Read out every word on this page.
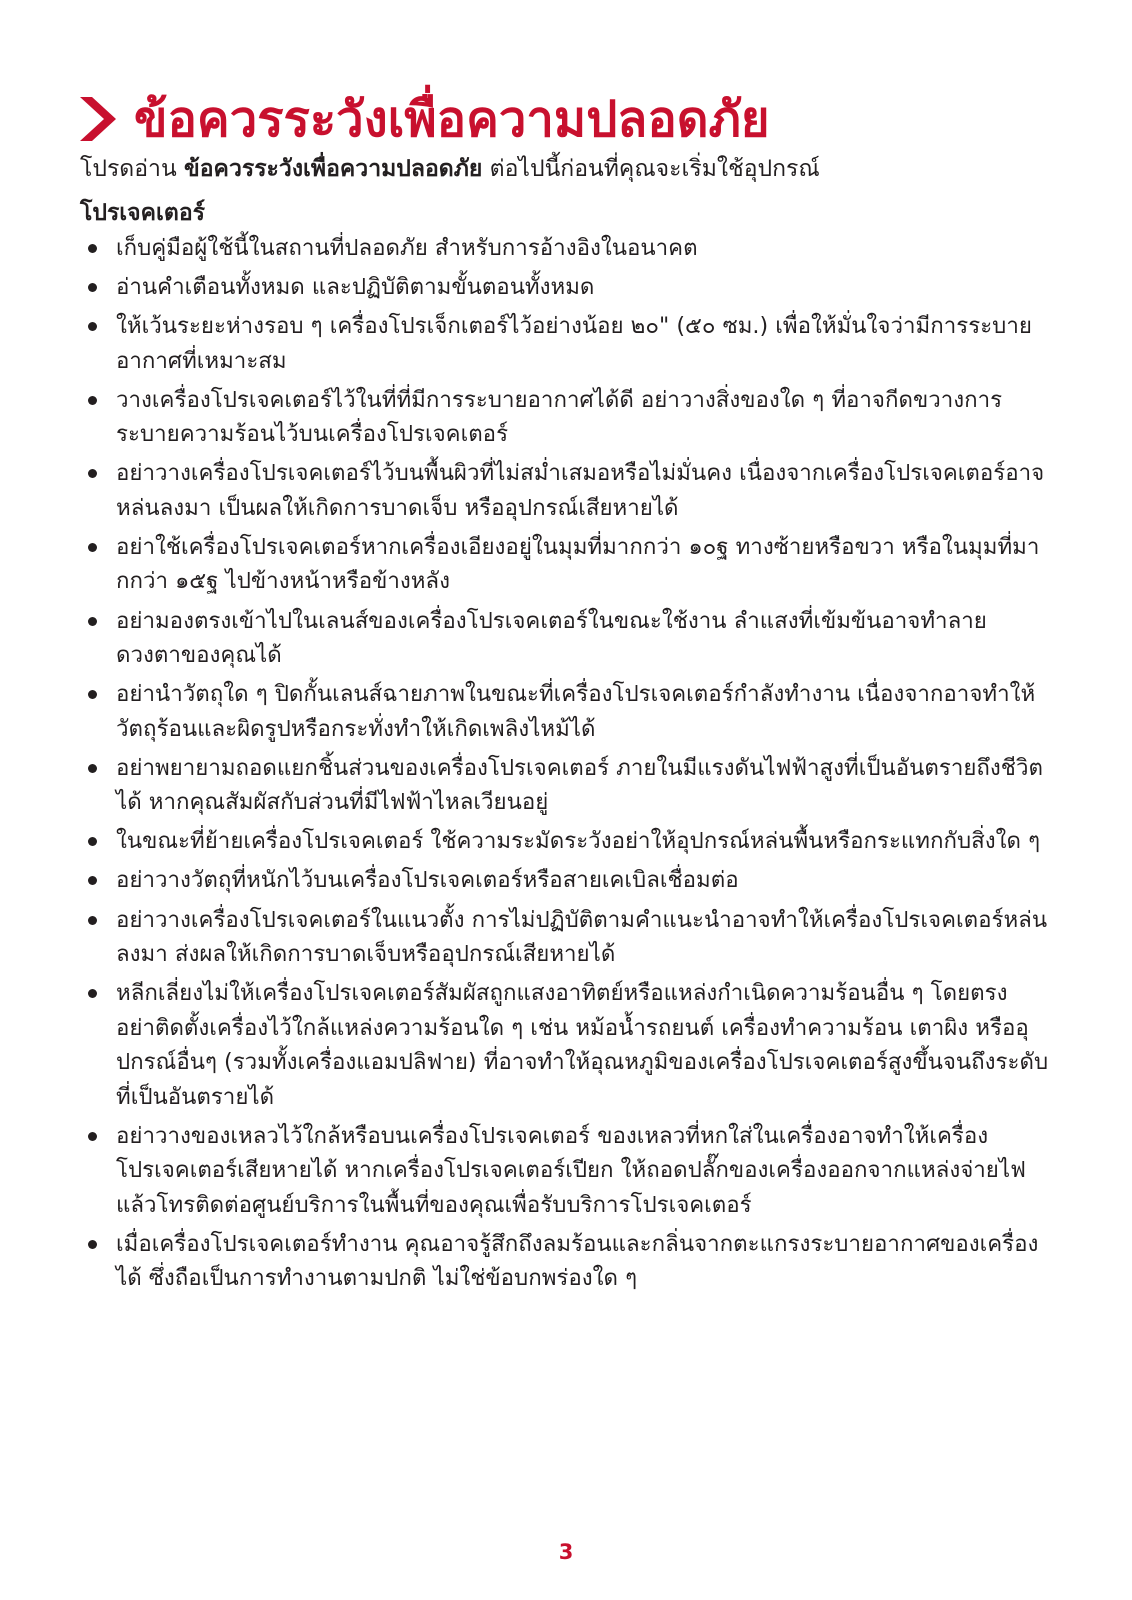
ข้อควรระวังเพื่อความปลอดภัย

โปรดอ่าน ข้อควรระวังเพื่อความปลอดภัย ต่อไปนี้ก่อนที่คุณจะเริ่มใช้อุปกรณ์

โปรเจคเตอร์
เก็บคู่มือผู้ใช้นี้ในสถานที่ปลอดภัย สำหรับการอ้างอิงในอนาคต
อ่านคำเตือนทั้งหมด และปฏิบัติตามขั้นตอนทั้งหมด
ให้เว้นระยะห่างรอบ ๆ เครื่องโปรเจ็กเตอร์ไว้อย่างน้อย ๒๐" (๕๐ ซม.) เพื่อให้มั่นใจว่ามีการระบายอากาศที่เหมาะสม
วางเครื่องโปรเจคเตอร์ไว้ในที่ที่มีการระบายอากาศได้ดี อย่าวางสิ่งของใด ๆ ที่อาจกีดขวางการระบายความร้อนไว้บนเครื่องโปรเจคเตอร์
อย่าวางเครื่องโปรเจคเตอร์ไว้บนพื้นผิวที่ไม่สม่ำเสมอหรือไม่มั่นคง เนื่องจากเครื่องโปรเจคเตอร์อาจหล่นลงมา เป็นผลให้เกิดการบาดเจ็บ หรืออุปกรณ์เสียหายได้
อย่าใช้เครื่องโปรเจคเตอร์หากเครื่องเอียงอยู่ในมุมที่มากกว่า ๑๐ฐ ทางซ้ายหรือขวา หรือในมุมที่มากกว่า ๑๕ฐ ไปข้างหน้าหรือข้างหลัง
อย่ามองตรงเข้าไปในเลนส์ของเครื่องโปรเจคเตอร์ในขณะใช้งาน ลำแสงที่เข้มข้นอาจทำลายดวงตาของคุณได้
อย่านำวัตถุใด ๆ ปิดกั้นเลนส์ฉายภาพในขณะที่เครื่องโปรเจคเตอร์กำลังทำงาน เนื่องจากอาจทำให้วัตถุร้อนและผิดรูปหรือกระทั่งทำให้เกิดเพลิงไหม้ได้
อย่าพยายามถอดแยกชิ้นส่วนของเครื่องโปรเจคเตอร์ ภายในมีแรงดันไฟฟ้าสูงที่เป็นอันตรายถึงชีวิตได้ หากคุณสัมผัสกับส่วนที่มีไฟฟ้าไหลเวียนอยู่
ในขณะที่ย้ายเครื่องโปรเจคเตอร์ ใช้ความระมัดระวังอย่าให้อุปกรณ์หล่นพื้นหรือกระแทกกับสิ่งใด ๆ
อย่าวางวัตถุที่หนักไว้บนเครื่องโปรเจคเตอร์หรือสายเคเบิลเชื่อมต่อ
อย่าวางเครื่องโปรเจคเตอร์ในแนวตั้ง การไม่ปฏิบัติตามคำแนะนำอาจทำให้เครื่องโปรเจคเตอร์หล่นลงมา ส่งผลให้เกิดการบาดเจ็บหรืออุปกรณ์เสียหายได้
หลีกเลี่ยงไม่ให้เครื่องโปรเจคเตอร์สัมผัสถูกแสงอาทิตย์หรือแหล่งกำเนิดความร้อนอื่น ๆ โดยตรง อย่าติดตั้งเครื่องไว้ใกล้แหล่งความร้อนใด ๆ เช่น หม้อน้ำรถยนต์ เครื่องทำความร้อน เตาผิง หรืออุปกรณ์อื่นๆ (รวมทั้งเครื่องแอมปลิฟาย) ที่อาจทำให้อุณหภูมิของเครื่องโปรเจคเตอร์สูงขึ้นจนถึงระดับที่เป็นอันตรายได้
อย่าวางของเหลวไว้ใกล้หรือบนเครื่องโปรเจคเตอร์ ของเหลวที่หกใส่ในเครื่องอาจทำให้เครื่องโปรเจคเตอร์เสียหายได้ หากเครื่องโปรเจคเตอร์เปียก ให้ถอดปลั๊กของเครื่องออกจากแหล่งจ่ายไฟแล้วโทรติดต่อศูนย์บริการในพื้นที่ของคุณเพื่อรับบริการโปรเจคเตอร์
เมื่อเครื่องโปรเจคเตอร์ทำงาน คุณอาจรู้สึกถึงลมร้อนและกลิ่นจากตะแกรงระบายอากาศของเครื่องได้ ซึ่งถือเป็นการทำงานตามปกติ ไม่ใช่ข้อบกพร่องใด ๆ
3
